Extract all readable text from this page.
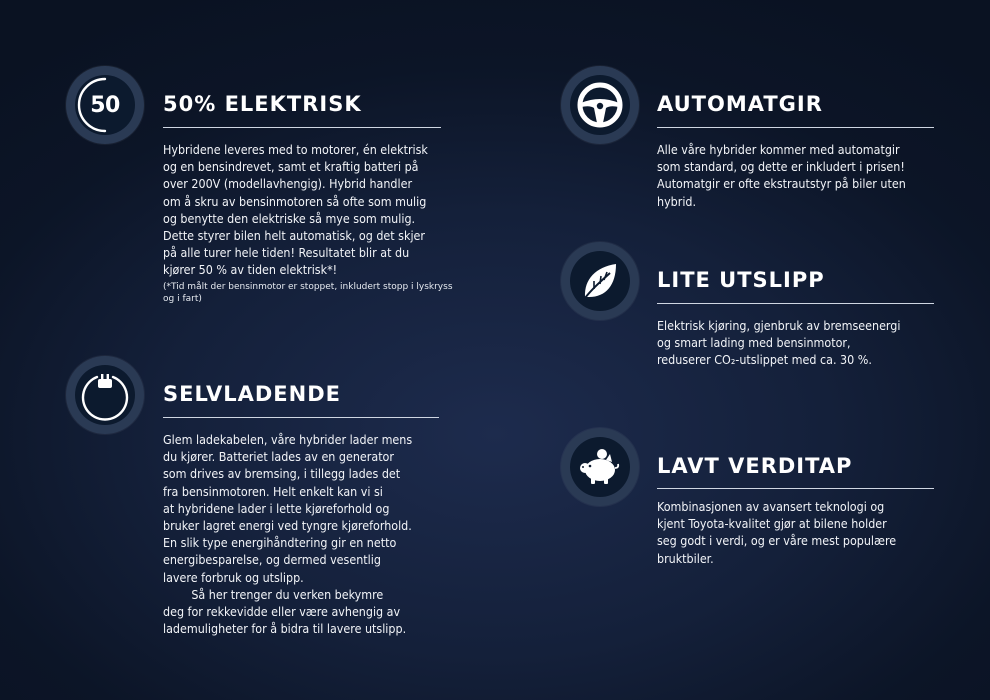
50 50% ELEKTRISK
Hybridene leveres med to motorer, én elektrisk
og en bensindrevet, samt et kraftig batteri på
over 200V (modellavhengig). Hybrid handler
om å skru av bensinmotoren så ofte som mulig
og benytte den elektriske så mye som mulig.
Dette styrer bilen helt automatisk, og det skjer
på alle turer hele tiden! Resultatet blir at du
kjører 50 % av tiden elektrisk*!
(*Tid målt der bensinmotor er stoppet, inkludert stopp i lyskryss
og i fart)
SELVLADENDE
Glem ladekabelen, våre hybrider lader mens
du kjører. Batteriet lades av en generator
som drives av bremsing, i tillegg lades det
fra bensinmotoren. Helt enkelt kan vi si
at hybridene lader i lette kjøreforhold og
bruker lagret energi ved tyngre kjøreforhold.
En slik type energihåndtering gir en netto
energibesparelse, og dermed vesentlig
lavere forbruk og utslipp.
Så her trenger du verken bekymre
deg for rekkevidde eller være avhengig av
lademuligheter for å bidra til lavere utslipp.
AUTOMATGIR
Alle våre hybrider kommer med automatgir
som standard, og dette er inkludert i prisen!
Automatgir er ofte ekstrautstyr på biler uten
hybrid.
LITE UTSLIPP
Elektrisk kjøring, gjenbruk av bremseenergi
og smart lading med bensinmotor,
reduserer CO₂-utslippet med ca. 30 %.
LAVT VERDITAP
Kombinasjonen av avansert teknologi og
kjent Toyota-kvalitet gjør at bilene holder
seg godt i verdi, og er våre mest populære
bruktbiler.
